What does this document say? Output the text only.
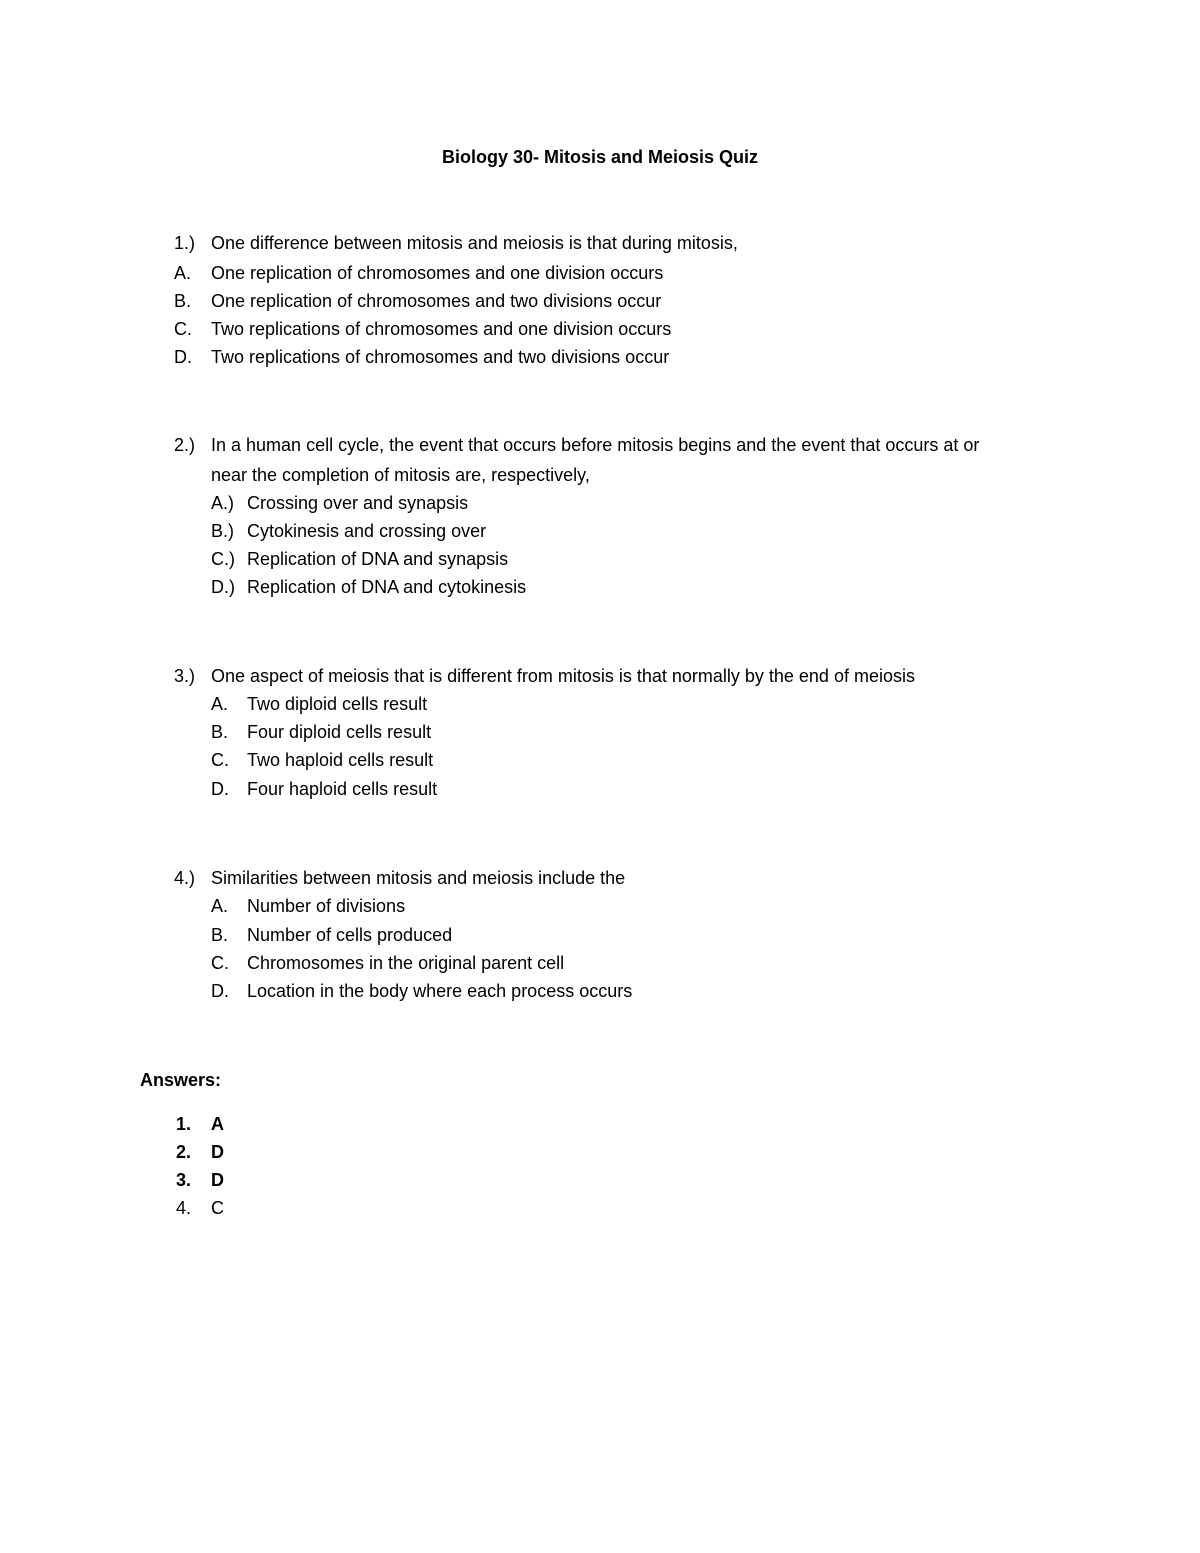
Biology 30- Mitosis and Meiosis Quiz
1.) One difference between mitosis and meiosis is that during mitosis,
A. One replication of chromosomes and one division occurs
B. One replication of chromosomes and two divisions occur
C. Two replications of chromosomes and one division occurs
D. Two replications of chromosomes and two divisions occur
2.) In a human cell cycle, the event that occurs before mitosis begins and the event that occurs at or
near the completion of mitosis are, respectively,
A.) Crossing over and synapsis
B.) Cytokinesis and crossing over
C.) Replication of DNA and synapsis
D.) Replication of DNA and cytokinesis
3.) One aspect of meiosis that is different from mitosis is that normally by the end of meiosis
A. Two diploid cells result
B. Four diploid cells result
C. Two haploid cells result
D. Four haploid cells result
4.) Similarities between mitosis and meiosis include the
A. Number of divisions
B. Number of cells produced
C. Chromosomes in the original parent cell
D. Location in the body where each process occurs
Answers:
1. A
2. D
3. D
4. C
